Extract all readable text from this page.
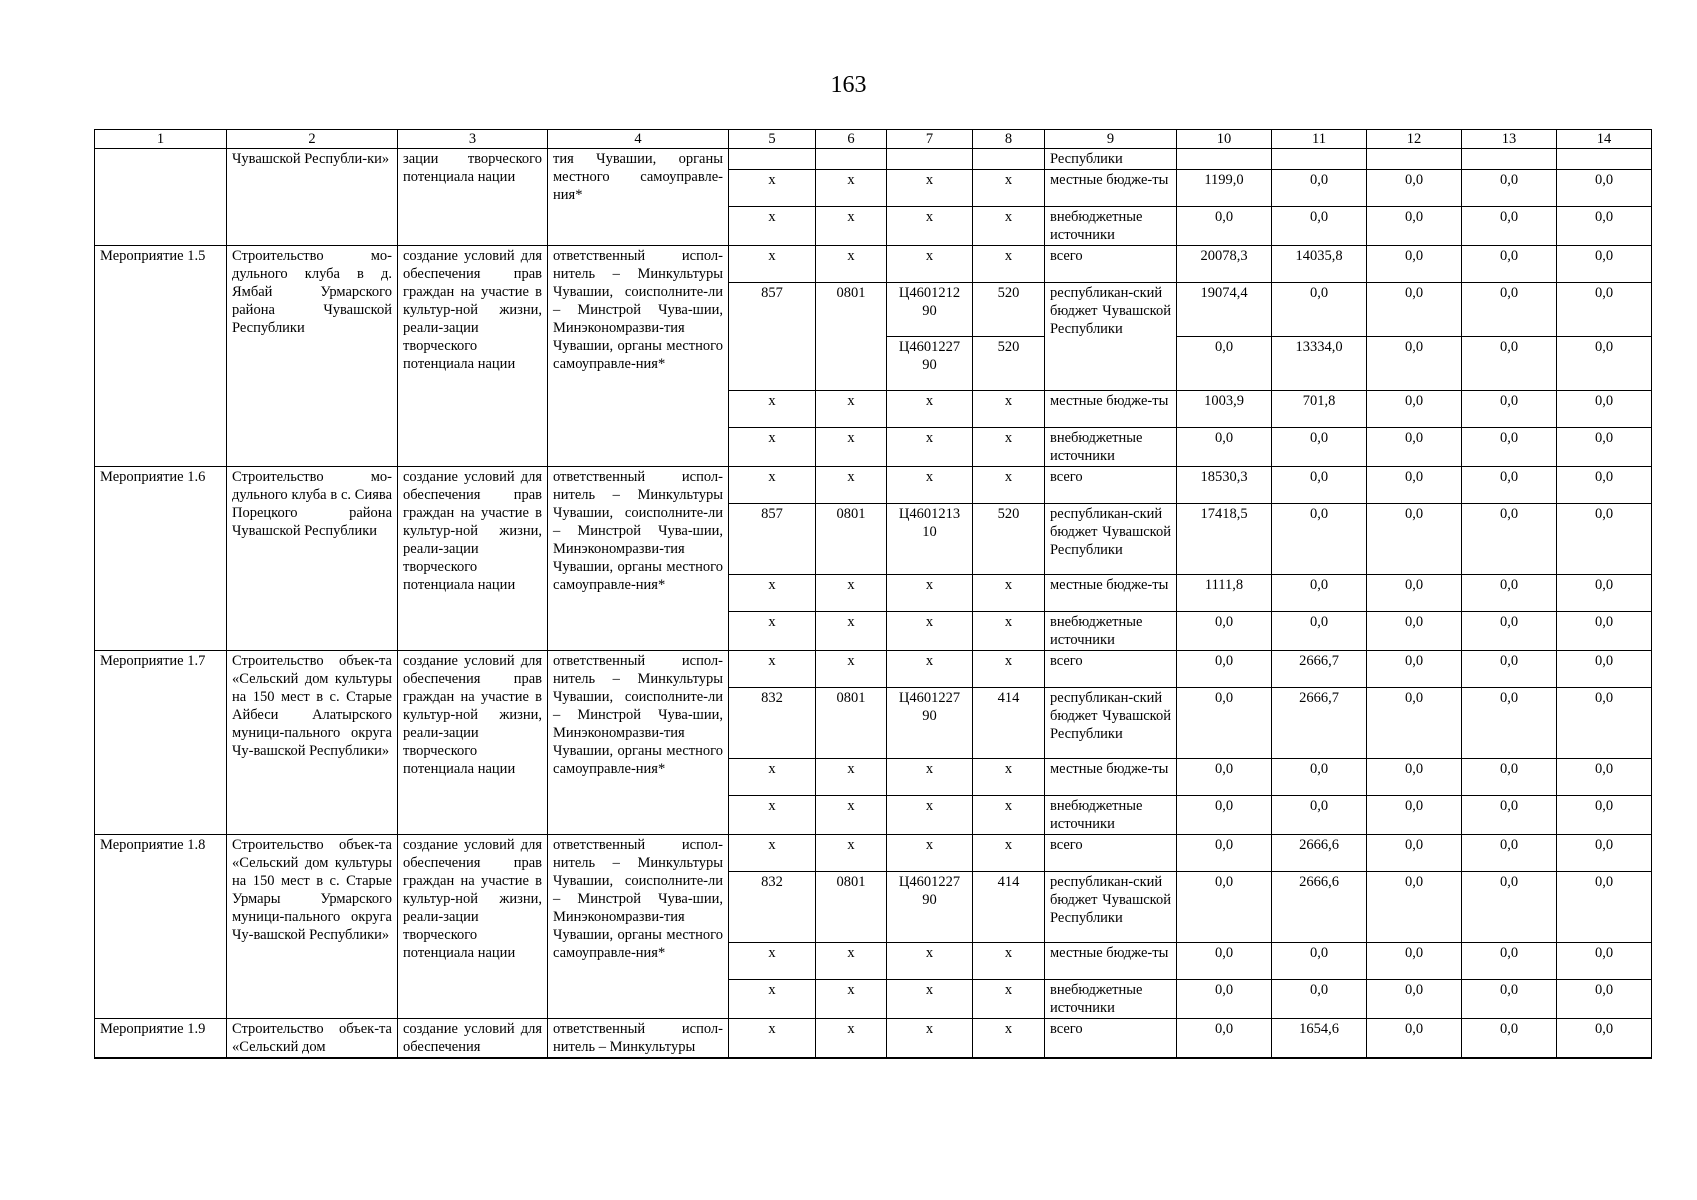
163
1	2	3	4	5	6	7	8	9	10	11	12	13	14
	Чувашской Республи-ки»	зации творческого потенциала нации	тия Чувашии, органы местного самоуправле-ния*					Республики					
				х	х	х	х	местные бюдже-ты	1199,0	0,0	0,0	0,0	0,0
				х	х	х	х	внебюджетные источники	0,0	0,0	0,0	0,0	0,0
Мероприятие 1.5	Строительство мо-дульного клуба в д. Ямбай Урмарского района Чувашской Республики	создание условий для обеспечения прав граждан на участие в культур-ной жизни, реали-зации творческого потенциала нации	ответственный испол-нитель – Минкультуры Чувашии, соисполните-ли – Минстрой Чува-шии, Минэкономразви-тия Чувашии, органы местного самоуправле-ния*	х	х	х	х	всего	20078,3	14035,8	0,0	0,0	0,0
				857	0801	Ц4601212 90	520	республикан-ский бюджет Чувашской Республики	19074,4	0,0	0,0	0,0	0,0
						Ц4601227 90	520		0,0	13334,0	0,0	0,0	0,0
				х	х	х	х	местные бюдже-ты	1003,9	701,8	0,0	0,0	0,0
				х	х	х	х	внебюджетные источники	0,0	0,0	0,0	0,0	0,0
Мероприятие 1.6	Строительство мо-дульного клуба в с. Сиява Порецкого района Чувашской Республики	создание условий для обеспечения прав граждан на участие в культур-ной жизни, реали-зации творческого потенциала нации	ответственный испол-нитель – Минкультуры Чувашии, соисполните-ли – Минстрой Чува-шии, Минэкономразви-тия Чувашии, органы местного самоуправле-ния*	х	х	х	х	всего	18530,3	0,0	0,0	0,0	0,0
				857	0801	Ц4601213 10	520	республикан-ский бюджет Чувашской Республики	17418,5	0,0	0,0	0,0	0,0
				х	х	х	х	местные бюдже-ты	1111,8	0,0	0,0	0,0	0,0
				х	х	х	х	внебюджетные источники	0,0	0,0	0,0	0,0	0,0
Мероприятие 1.7	Строительство объек-та «Сельский дом культуры на 150 мест в с. Старые Айбеси Алатырского муници-пального округа Чу-вашской Республики»	создание условий для обеспечения прав граждан на участие в культур-ной жизни, реали-зации творческого потенциала нации	ответственный испол-нитель – Минкультуры Чувашии, соисполните-ли – Минстрой Чува-шии, Минэкономразви-тия Чувашии, органы местного самоуправле-ния*	х	х	х	х	всего	0,0	2666,7	0,0	0,0	0,0
				832	0801	Ц4601227 90	414	республикан-ский бюджет Чувашской Республики	0,0	2666,7	0,0	0,0	0,0
				х	х	х	х	местные бюдже-ты	0,0	0,0	0,0	0,0	0,0
				х	х	х	х	внебюджетные источники	0,0	0,0	0,0	0,0	0,0
Мероприятие 1.8	Строительство объек-та «Сельский дом культуры на 150 мест в с. Старые Урмары Урмарского муници-пального округа Чу-вашской Республики»	создание условий для обеспечения прав граждан на участие в культур-ной жизни, реали-зации творческого потенциала нации	ответственный испол-нитель – Минкультуры Чувашии, соисполните-ли – Минстрой Чува-шии, Минэкономразви-тия Чувашии, органы местного самоуправле-ния*	х	х	х	х	всего	0,0	2666,6	0,0	0,0	0,0
				832	0801	Ц4601227 90	414	республикан-ский бюджет Чувашской Республики	0,0	2666,6	0,0	0,0	0,0
				х	х	х	х	местные бюдже-ты	0,0	0,0	0,0	0,0	0,0
				х	х	х	х	внебюджетные источники	0,0	0,0	0,0	0,0	0,0
Мероприятие 1.9	Строительство объек-та «Сельский дом	создание условий для обеспечения	ответственный испол-нитель – Минкультуры	х	х	х	х	всего	0,0	1654,6	0,0	0,0	0,0
